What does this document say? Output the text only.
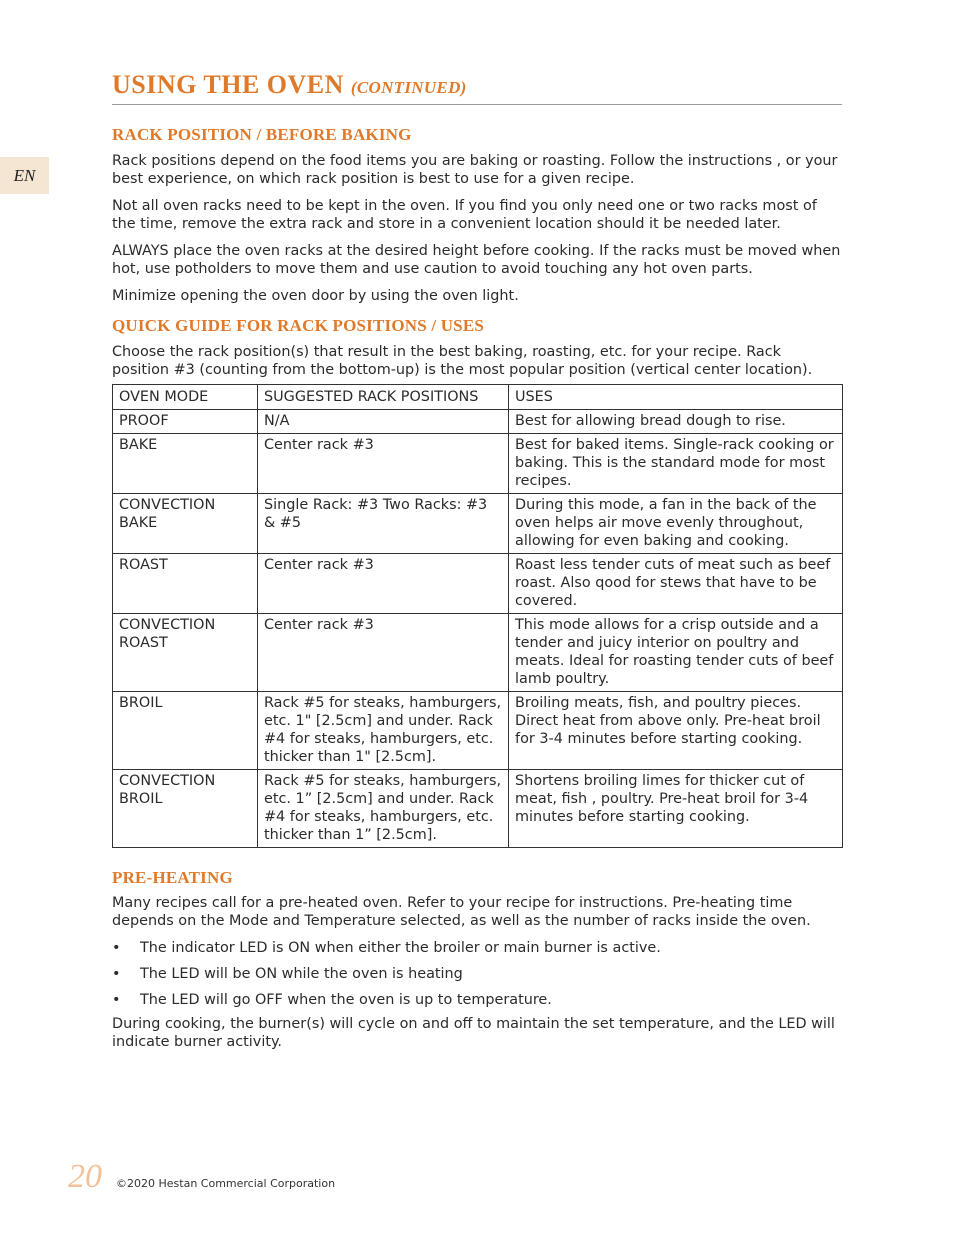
EN
USING THE OVEN (CONTINUED)
RACK POSITION / BEFORE BAKING

Rack positions depend on the food items you are baking or roasting. Follow the instructions , or your best experience, on which rack position is best to use for a given recipe.

Not all oven racks need to be kept in the oven. If you find you only need one or two racks most of the time, remove the extra rack and store in a convenient location should it be needed later.

ALWAYS place the oven racks at the desired height before cooking. If the racks must be moved when hot, use potholders to move them and use caution to avoid touching any hot oven parts.

Minimize opening the oven door by using the oven light.

QUICK GUIDE FOR RACK POSITIONS / USES

Choose the rack position(s) that result in the best baking, roasting, etc. for your recipe. Rack position #3 (counting from the bottom-up) is the most popular position (vertical center location).

OVEN MODE	SUGGESTED RACK POSITIONS	USES
PROOF	N/A	Best for allowing bread dough to rise.
BAKE	Center rack #3	Best for baked items. Single-rack cooking or baking. This is the standard mode for most recipes.
CONVECTION BAKE	Single Rack: #3 Two Racks: #3 & #5	During this mode, a fan in the back of the oven helps air move evenly throughout, allowing for even baking and cooking.
ROAST	Center rack #3	Roast less tender cuts of meat such as beef roast. Also qood for stews that have to be covered.
CONVECTION ROAST	Center rack #3	This mode allows for a crisp outside and a tender and juicy interior on poultry and meats. Ideal for roasting tender cuts of beef lamb poultry.
BROIL	Rack #5 for steaks, hamburgers, etc. 1" [2.5cm] and under. Rack #4 for steaks, hamburgers, etc. thicker than 1" [2.5cm].	Broiling meats, fish, and poultry pieces. Direct heat from above only. Pre-heat broil for 3-4 minutes before starting cooking.
CONVECTION BROIL	Rack #5 for steaks, hamburgers, etc. 1” [2.5cm] and under. Rack #4 for steaks, hamburgers, etc. thicker than 1” [2.5cm].	Shortens broiling limes for thicker cut of meat, fish , poultry. Pre-heat broil for 3-4 minutes before starting cooking.
PRE-HEATING

Many recipes call for a pre-heated oven. Refer to your recipe for instructions. Pre-heating time depends on the Mode and Temperature selected, as well as the number of racks inside the oven.

• The indicator LED is ON when either the broiler or main burner is active.
• The LED will be ON while the oven is heating
• The LED will go OFF when the oven is up to temperature.

During cooking, the burner(s) will cycle on and off to maintain the set temperature, and the LED will indicate burner activity.

20 ©2020 Hestan Commercial Corporation
